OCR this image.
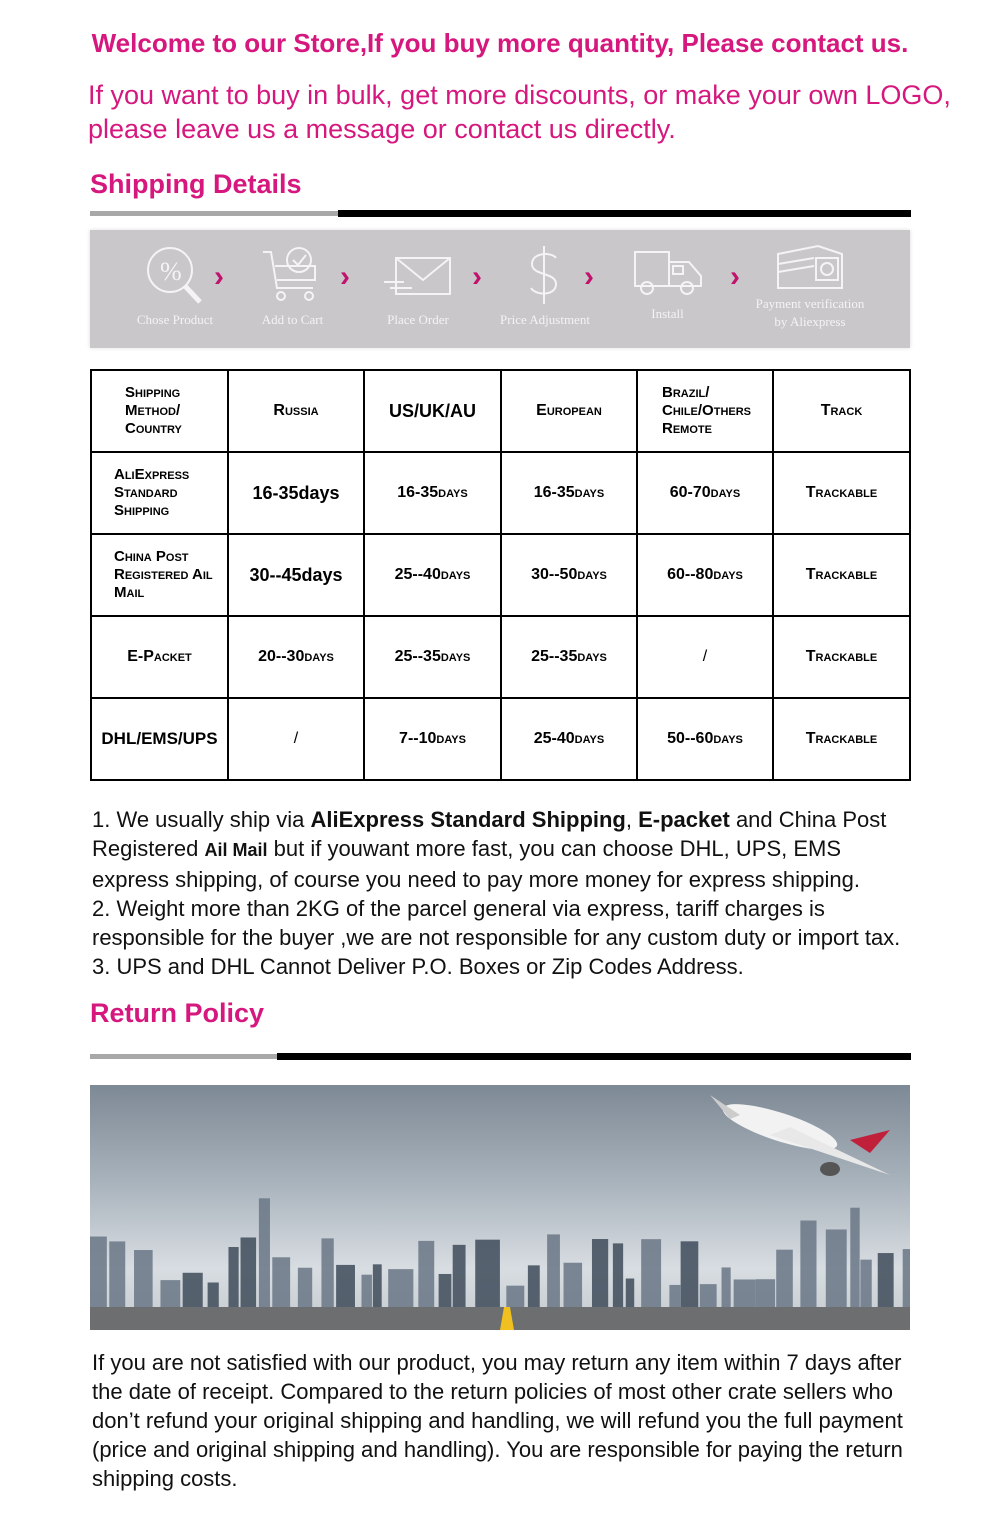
Welcome to our Store,If you buy more quantity, Please contact us.
If you want to buy in bulk, get more discounts, or make your own LOGO, please leave us a message or contact us directly.
Shipping Details
%
Chose Product
›
Add to Cart
›
Place Order
›
Price Adjustment
›
Install
›
Payment verification
by Aliexpress
Shipping Method/ Country	Russia	US/UK/AU	European	Brazil/ Chile/Others Remote	Track
AliExpress Standard Shipping	16-35days	16-35days	16-35days	60-70days	Trackable
China Post Registered Ail Mail	30--45days	25--40days	30--50days	60--80days	Trackable
E-Packet	20--30days	25--35days	25--35days	/	Trackable
DHL/EMS/UPS	/	7--10days	25-40days	50--60days	Trackable

1. We usually ship via AliExpress Standard Shipping, E-packet and China Post Registered Ail Mail but if youwant more fast, you can choose DHL, UPS, EMS express shipping, of course you need to pay more money for express shipping.

2. Weight more than 2KG of the parcel general via express, tariff charges is responsible for the buyer ,we are not responsible for any custom duty or import tax.

3. UPS and DHL Cannot Deliver P.O. Boxes or Zip Codes Address.

Return Policy
If you are not satisfied with our product, you may return any item within 7 days after the date of receipt. Compared to the return policies of most other crate sellers who don’t refund your original shipping and handling, we will refund you the full payment (price and original shipping and handling). You are responsible for paying the return shipping costs.
